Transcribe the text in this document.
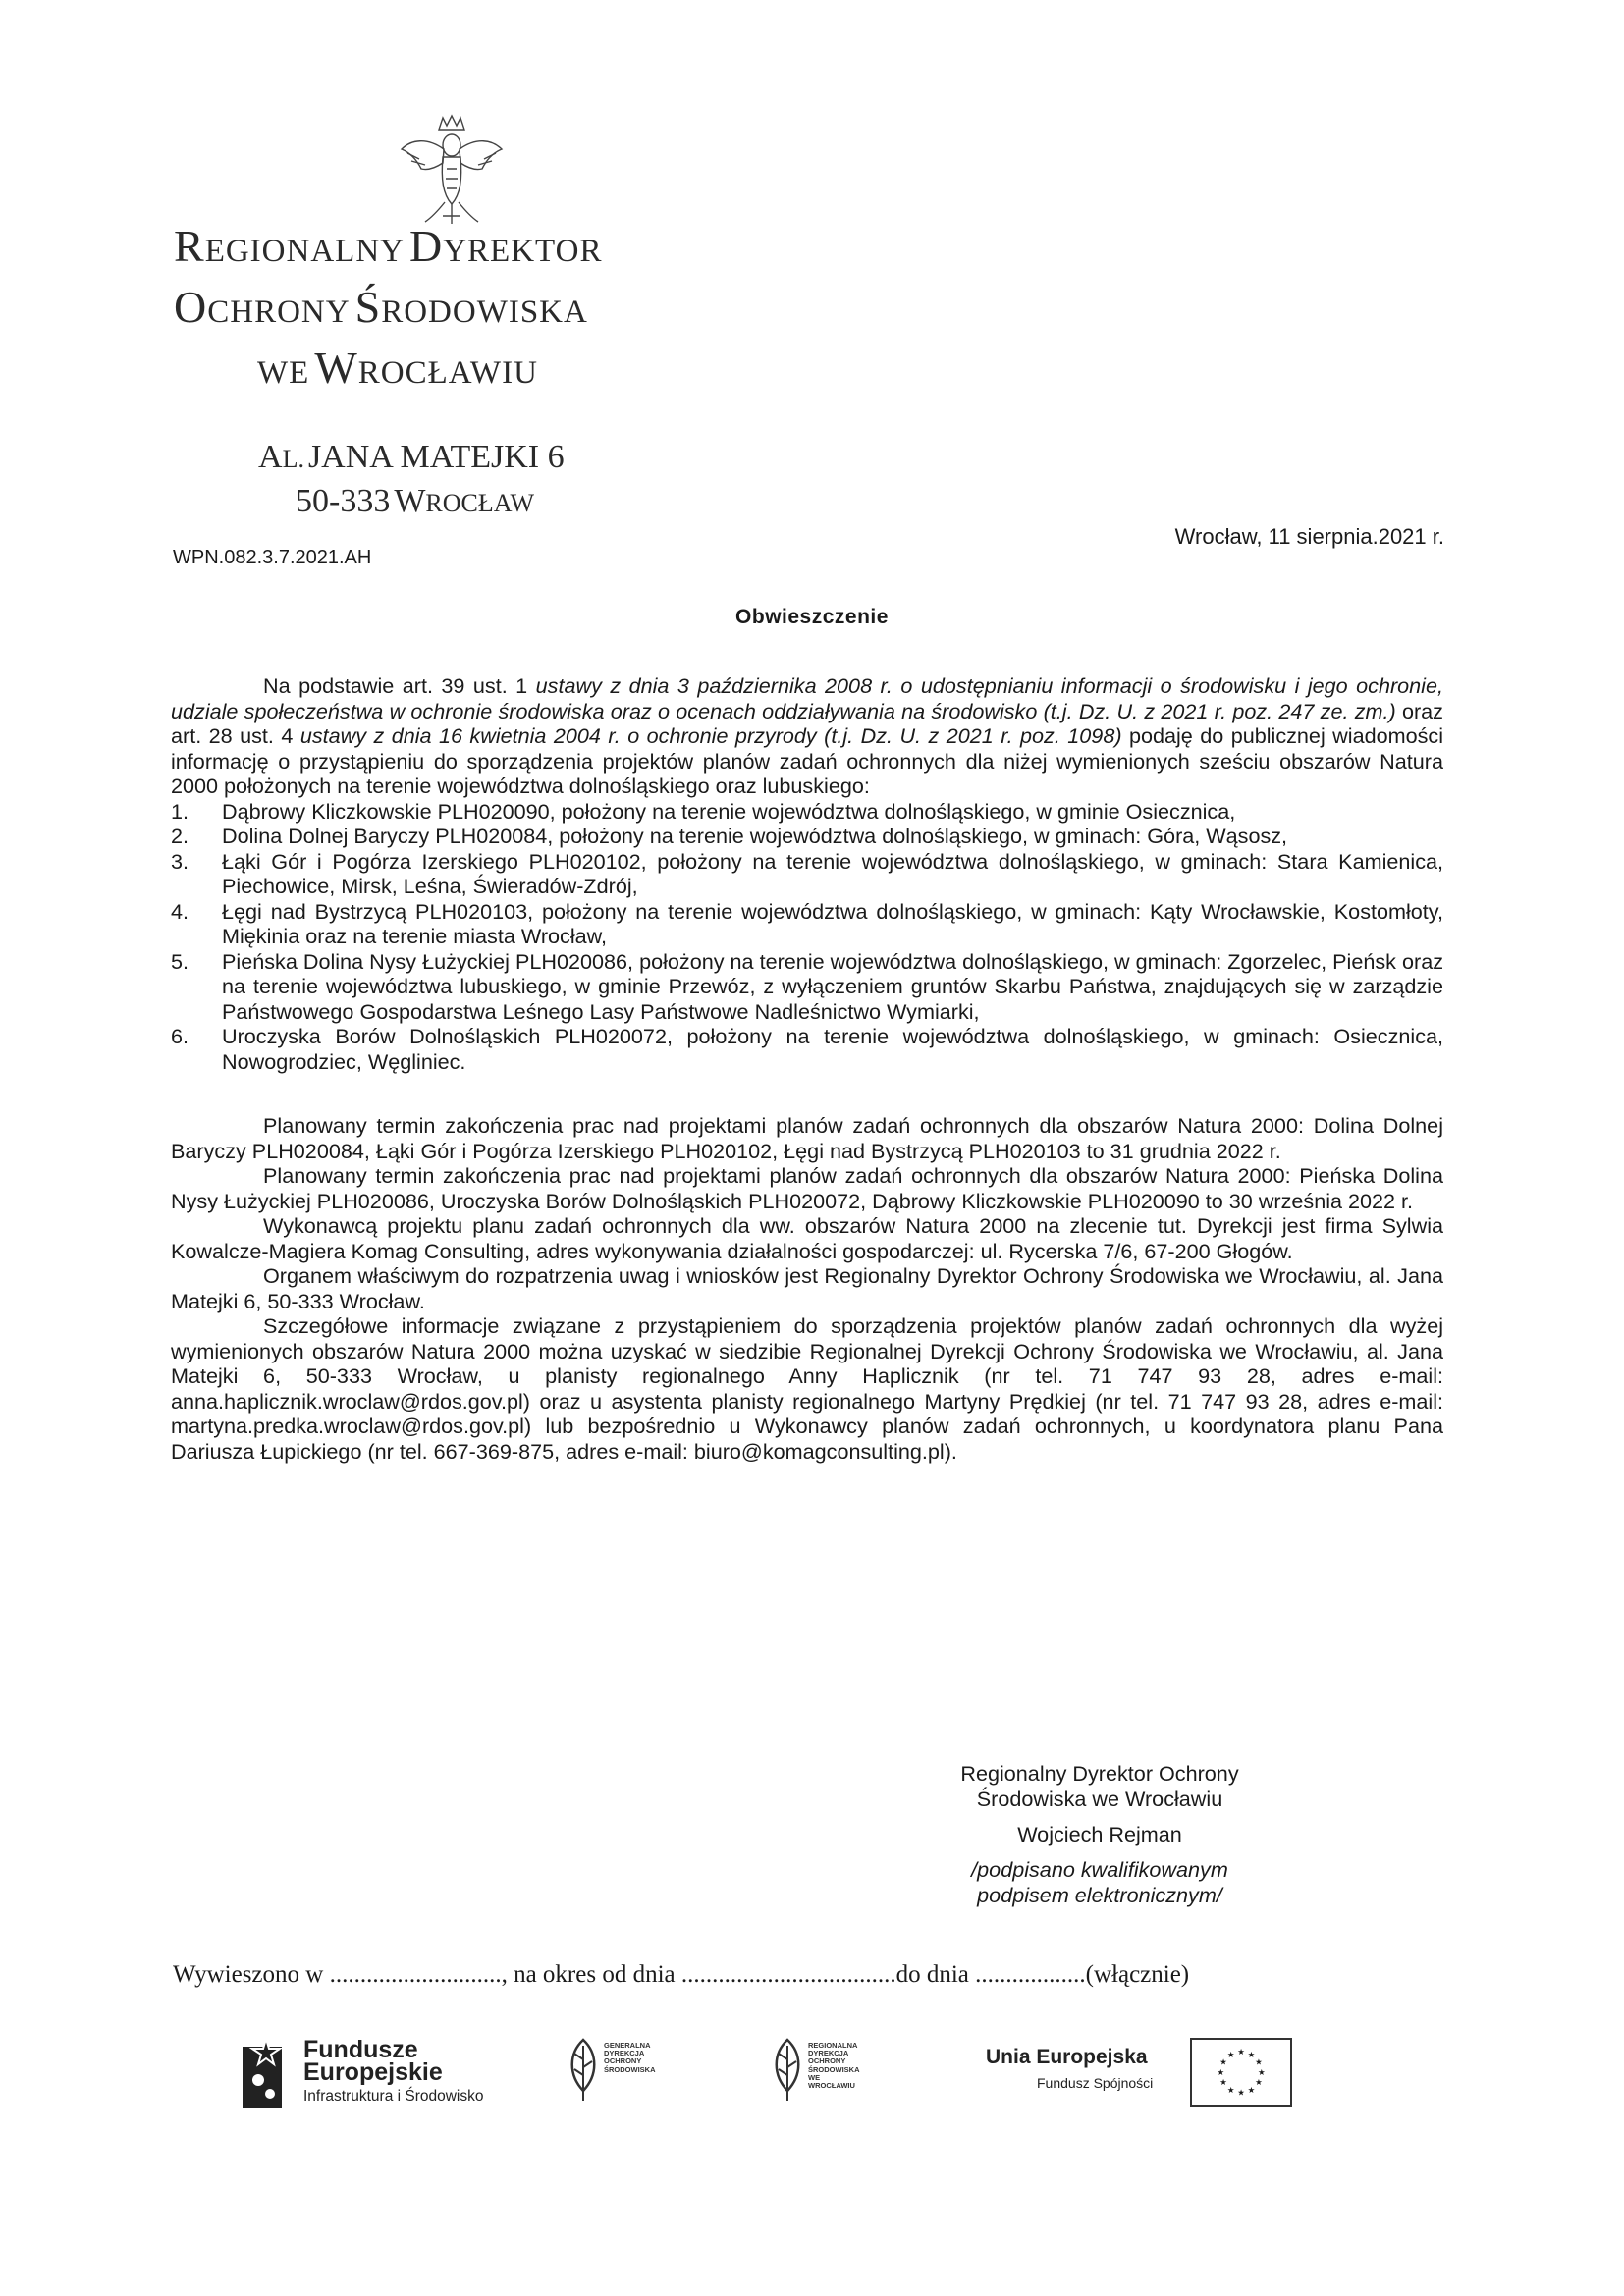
REGIONALNY DYREKTOR
OCHRONY ŚRODOWISKA
WE WROCŁAWIU
AL. JANA MATEJKI 6
50-333 WROCŁAW
Wrocław, 11 sierpnia.2021 r.
WPN.082.3.7.2021.AH
Obwieszczenie

Na podstawie art. 39 ust. 1 ustawy z dnia 3 października 2008 r. o udostępnianiu informacji o środowisku i jego ochronie, udziale społeczeństwa w ochronie środowiska oraz o ocenach oddziaływania na środowisko (t.j. Dz. U. z 2021 r. poz. 247 ze. zm.) oraz art. 28 ust. 4 ustawy z dnia 16 kwietnia 2004 r. o ochronie przyrody (t.j. Dz. U. z 2021 r. poz. 1098) podaję do publicznej wiadomości informację o przystąpieniu do sporządzenia projektów planów zadań ochronnych dla niżej wymienionych sześciu obszarów Natura 2000 położonych na terenie województwa dolnośląskiego oraz lubuskiego:

1. Dąbrowy Kliczkowskie PLH020090, położony na terenie województwa dolnośląskiego, w gminie Osiecznica,
2. Dolina Dolnej Baryczy PLH020084, położony na terenie województwa dolnośląskiego, w gminach: Góra, Wąsosz,
3. Łąki Gór i Pogórza Izerskiego PLH020102, położony na terenie województwa dolnośląskiego, w gminach: Stara Kamienica, Piechowice, Mirsk, Leśna, Świeradów-Zdrój,
4. Łęgi nad Bystrzycą PLH020103, położony na terenie województwa dolnośląskiego, w gminach: Kąty Wrocławskie, Kostomłoty, Miękinia oraz na terenie miasta Wrocław,
5. Pieńska Dolina Nysy Łużyckiej PLH020086, położony na terenie województwa dolnośląskiego, w gminach: Zgorzelec, Pieńsk oraz na terenie województwa lubuskiego, w gminie Przewóz, z wyłączeniem gruntów Skarbu Państwa, znajdujących się w zarządzie Państwowego Gospodarstwa Leśnego Lasy Państwowe Nadleśnictwo Wymiarki,
6. Uroczyska Borów Dolnośląskich PLH020072, położony na terenie województwa dolnośląskiego, w gminach: Osiecznica, Nowogrodziec, Węgliniec.

Planowany termin zakończenia prac nad projektami planów zadań ochronnych dla obszarów Natura 2000: Dolina Dolnej Baryczy PLH020084, Łąki Gór i Pogórza Izerskiego PLH020102, Łęgi nad Bystrzycą PLH020103 to 31 grudnia 2022 r.

Planowany termin zakończenia prac nad projektami planów zadań ochronnych dla obszarów Natura 2000: Pieńska Dolina Nysy Łużyckiej PLH020086, Uroczyska Borów Dolnośląskich PLH020072, Dąbrowy Kliczkowskie PLH020090 to 30 września 2022 r.

Wykonawcą projektu planu zadań ochronnych dla ww. obszarów Natura 2000 na zlecenie tut. Dyrekcji jest firma Sylwia Kowalcze-Magiera Komag Consulting, adres wykonywania działalności gospodarczej: ul. Rycerska 7/6, 67-200 Głogów.

Organem właściwym do rozpatrzenia uwag i wniosków jest Regionalny Dyrektor Ochrony Środowiska we Wrocławiu, al. Jana Matejki 6, 50-333 Wrocław.

Szczegółowe informacje związane z przystąpieniem do sporządzenia projektów planów zadań ochronnych dla wyżej wymienionych obszarów Natura 2000 można uzyskać w siedzibie Regionalnej Dyrekcji Ochrony Środowiska we Wrocławiu, al. Jana Matejki 6, 50-333 Wrocław, u planisty regionalnego Anny Haplicznik (nr tel. 71 747 93 28, adres e-mail: anna.haplicznik.wroclaw@rdos.gov.pl) oraz u asystenta planisty regionalnego Martyny Prędkiej (nr tel. 71 747 93 28, adres e-mail: martyna.predka.wroclaw@rdos.gov.pl) lub bezpośrednio u Wykonawcy planów zadań ochronnych, u koordynatora planu Pana Dariusza Łupickiego (nr tel. 667-369-875, adres e-mail: biuro@komagconsulting.pl).

Regionalny Dyrektor Ochrony
Środowiska we Wrocławiu
Wojciech Rejman
/podpisano kwalifikowanym
podpisem elektronicznym/
Wywieszono w ............................, na okres od dnia ...................................do dnia ..................(włącznie)
Fundusze
Europejskie
Infrastruktura i Środowisko
GENERALNA DYREKCJA OCHRONY ŚRODOWISKA
REGIONALNA DYREKCJA OCHRONY ŚRODOWISKA WE WROCŁAWIU
Unia Europejska
Fundusz Spójności
★
★
★
★
★
★
★
★
★ ★ ★
★
